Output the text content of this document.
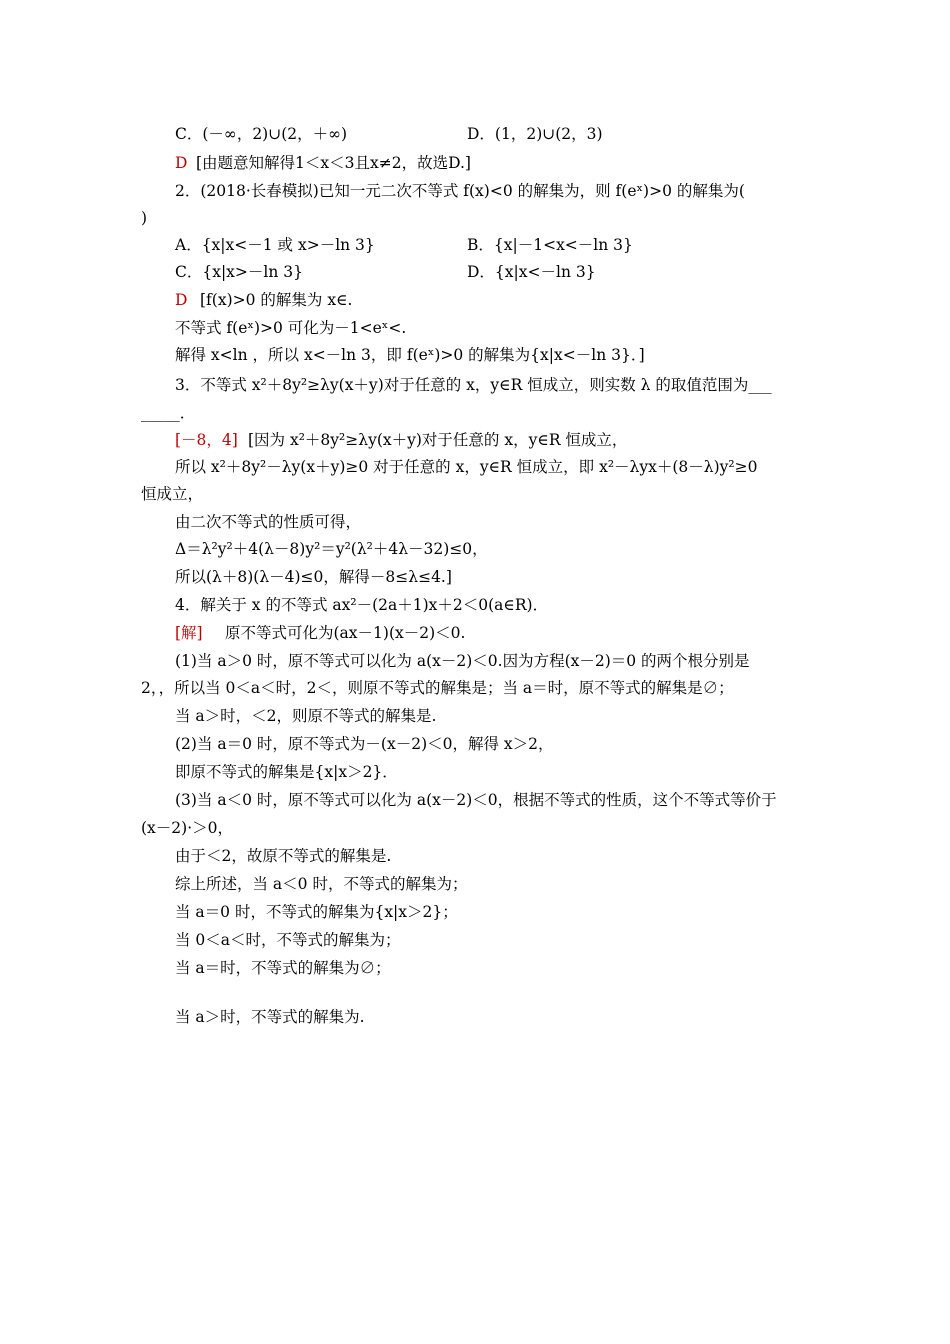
C．(－∞，2)∪(2，＋∞)	D．(1，2)∪(2，3)
D [由题意知解得1＜x＜3且x≠2，故选D.]
2．(2018·长春模拟)已知一元二次不等式 f(x)<0 的解集为，则 f(eˣ)>0 的解集为(
)
A．{x|x<－1 或 x>－ln 3}	B．{x|－1<x<－ln 3}
C．{x|x>－ln 3}	D．{x|x<－ln 3}
D [f(x)>0 的解集为 x∈.
不等式 f(eˣ)>0 可化为－1<eˣ<.
解得 x<ln ，所以 x<－ln 3，即 f(eˣ)>0 的解集为{x|x<－ln 3}．]
3．不等式 x²＋8y²≥λy(x＋y)对于任意的 x，y∈R 恒成立，则实数 λ 的取值范围为___
_____．
[－8，4] [因为 x²＋8y²≥λy(x＋y)对于任意的 x，y∈R 恒成立，
所以 x²＋8y²－λy(x＋y)≥0 对于任意的 x，y∈R 恒成立，即 x²－λyx＋(8－λ)y²≥0
恒成立，
由二次不等式的性质可得，
Δ＝λ²y²＋4(λ－8)y²＝y²(λ²＋4λ－32)≤0，
所以(λ＋8)(λ－4)≤0，解得－8≤λ≤4.]
4．解关于 x 的不等式 ax²－(2a＋1)x＋2＜0(a∈R)．
[解] 原不等式可化为(ax－1)(x－2)＜0.
(1)当 a＞0 时，原不等式可以化为 a(x－2)＜0.因为方程(x－2)＝0 的两个根分别是
2，，所以当 0＜a＜时，2＜，则原不等式的解集是；当 a＝时，原不等式的解集是∅；
当 a＞时，＜2，则原不等式的解集是.
(2)当 a＝0 时，原不等式为－(x－2)＜0，解得 x＞2，
即原不等式的解集是{x|x＞2}．
(3)当 a＜0 时，原不等式可以化为 a(x－2)＜0，根据不等式的性质，这个不等式等价于
(x－2)·＞0，
由于＜2，故原不等式的解集是.
综上所述，当 a＜0 时，不等式的解集为；
当 a＝0 时，不等式的解集为{x|x＞2}；
当 0＜a＜时，不等式的解集为；
当 a＝时，不等式的解集为∅；
当 a＞时，不等式的解集为.
